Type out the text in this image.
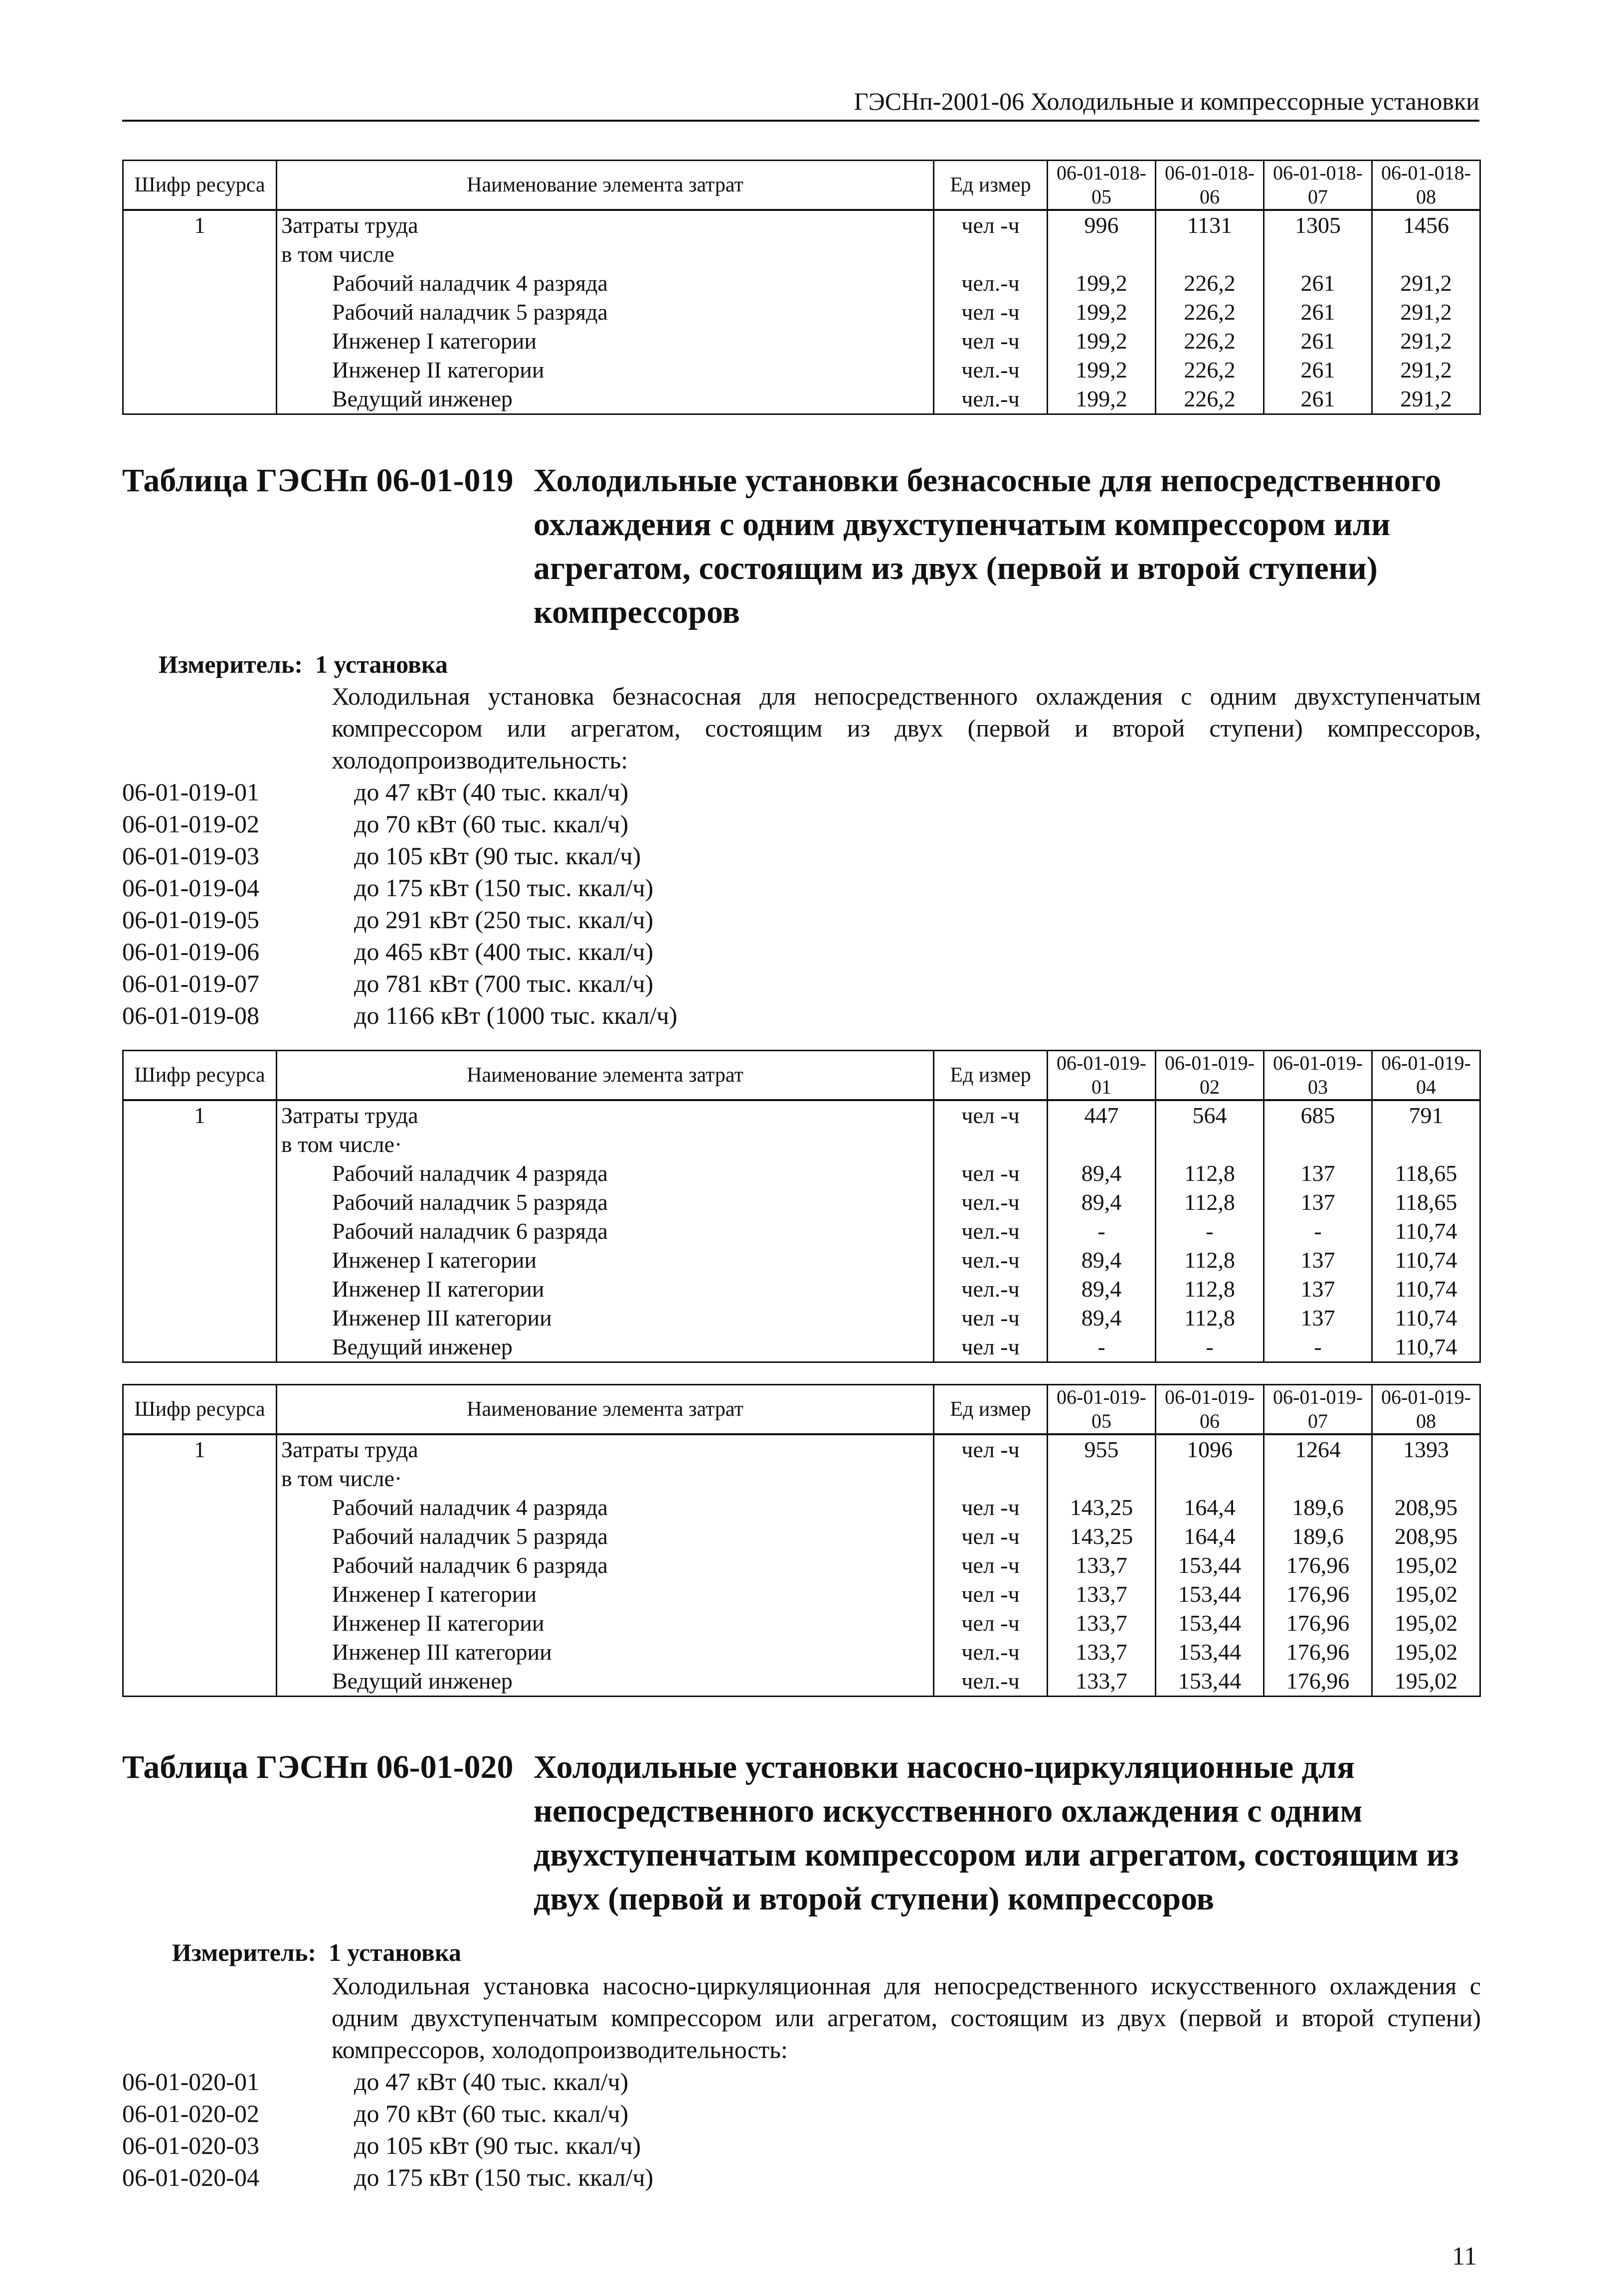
ГЭСНп-2001-06 Холодильные и компрессорные установки
Шифр ресурса	Наименование элемента затрат	Ед измер	06-01-018-05	06-01-018-06	06-01-018-07	06-01-018-08
1	Затраты труда	чел -ч	996	1131	1305	1456
	в том числе					
	Рабочий наладчик 4 разряда	чел.-ч	199,2	226,2	261	291,2
	Рабочий наладчик 5 разряда	чел -ч	199,2	226,2	261	291,2
	Инженер I категории	чел -ч	199,2	226,2	261	291,2
	Инженер II категории	чел.-ч	199,2	226,2	261	291,2
	Ведущий инженер	чел.-ч	199,2	226,2	261	291,2
Таблица ГЭСНп 06-01-019 Холодильные установки безнасосные для непосредственного охлаждения с одним двухступенчатым компрессором или агрегатом, состоящим из двух (первой и второй ступени) компрессоров
Измеритель: 1 установка
Холодильная установка безнасосная для непосредственного охлаждения с одним двухступенчатым компрессором или агрегатом, состоящим из двух (первой и второй ступени) компрессоров, холодопроизводительность:
06-01-019-01	до 47 кВт (40 тыс. ккал/ч)
06-01-019-02	до 70 кВт (60 тыс. ккал/ч)
06-01-019-03	до 105 кВт (90 тыс. ккал/ч)
06-01-019-04	до 175 кВт (150 тыс. ккал/ч)
06-01-019-05	до 291 кВт (250 тыс. ккал/ч)
06-01-019-06	до 465 кВт (400 тыс. ккал/ч)
06-01-019-07	до 781 кВт (700 тыс. ккал/ч)
06-01-019-08	до 1166 кВт (1000 тыс. ккал/ч)
Шифр ресурса	Наименование элемента затрат	Ед измер	06-01-019-01	06-01-019-02	06-01-019-03	06-01-019-04
1	Затраты труда	чел -ч	447	564	685	791
	в том числе·					
	Рабочий наладчик 4 разряда	чел -ч	89,4	112,8	137	118,65
	Рабочий наладчик 5 разряда	чел.-ч	89,4	112,8	137	118,65
	Рабочий наладчик 6 разряда	чел.-ч	-	-	-	110,74
	Инженер I категории	чел.-ч	89,4	112,8	137	110,74
	Инженер II категории	чел.-ч	89,4	112,8	137	110,74
	Инженер III категории	чел -ч	89,4	112,8	137	110,74
	Ведущий инженер	чел -ч	-	-	-	110,74
Шифр ресурса	Наименование элемента затрат	Ед измер	06-01-019-05	06-01-019-06	06-01-019-07	06-01-019-08
1	Затраты труда	чел -ч	955	1096	1264	1393
	в том числе·					
	Рабочий наладчик 4 разряда	чел -ч	143,25	164,4	189,6	208,95
	Рабочий наладчик 5 разряда	чел -ч	143,25	164,4	189,6	208,95
	Рабочий наладчик 6 разряда	чел -ч	133,7	153,44	176,96	195,02
	Инженер I категории	чел -ч	133,7	153,44	176,96	195,02
	Инженер II категории	чел -ч	133,7	153,44	176,96	195,02
	Инженер III категории	чел.-ч	133,7	153,44	176,96	195,02
	Ведущий инженер	чел.-ч	133,7	153,44	176,96	195,02
Таблица ГЭСНп 06-01-020 Холодильные установки насосно-циркуляционные для непосредственного искусственного охлаждения с одним двухступенчатым компрессором или агрегатом, состоящим из двух (первой и второй ступени) компрессоров
Измеритель: 1 установка
Холодильная установка насосно-циркуляционная для непосредственного искусственного охлаждения с одним двухступенчатым компрессором или агрегатом, состоящим из двух (первой и второй ступени) компрессоров, холодопроизводительность:
06-01-020-01	до 47 кВт (40 тыс. ккал/ч)
06-01-020-02	до 70 кВт (60 тыс. ккал/ч)
06-01-020-03	до 105 кВт (90 тыс. ккал/ч)
06-01-020-04	до 175 кВт (150 тыс. ккал/ч)
11
